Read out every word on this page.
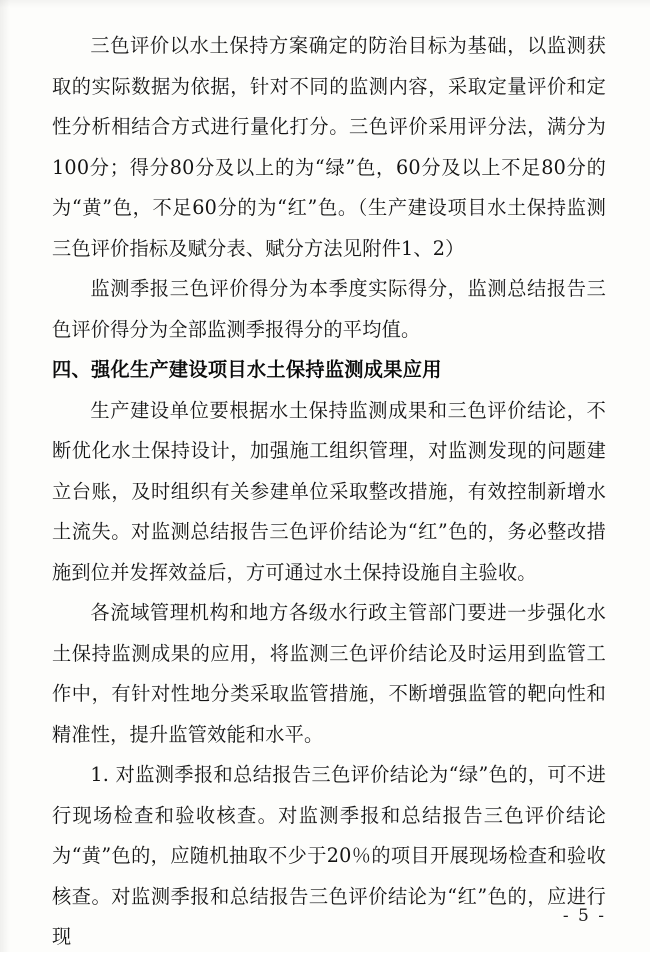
三色评价以水土保持方案确定的防治目标为基础，以监测获取的实际数据为依据，针对不同的监测内容，采取定量评价和定性分析相结合方式进行量化打分。三色评价采用评分法，满分为100分；得分80分及以上的为“绿”色，60分及以上不足80分的为“黄”色，不足60分的为“红”色。（生产建设项目水土保持监测三色评价指标及赋分表、赋分方法见附件1、2）

监测季报三色评价得分为本季度实际得分，监测总结报告三色评价得分为全部监测季报得分的平均值。

四、强化生产建设项目水土保持监测成果应用

生产建设单位要根据水土保持监测成果和三色评价结论，不断优化水土保持设计，加强施工组织管理，对监测发现的问题建立台账，及时组织有关参建单位采取整改措施，有效控制新增水土流失。对监测总结报告三色评价结论为“红”色的，务必整改措施到位并发挥效益后，方可通过水土保持设施自主验收。

各流域管理机构和地方各级水行政主管部门要进一步强化水土保持监测成果的应用，将监测三色评价结论及时运用到监管工作中，有针对性地分类采取监管措施，不断增强监管的靶向性和精准性，提升监管效能和水平。

1. 对监测季报和总结报告三色评价结论为“绿”色的，可不进行现场检查和验收核查。对监测季报和总结报告三色评价结论为“黄”色的，应随机抽取不少于20％的项目开展现场检查和验收核查。对监测季报和总结报告三色评价结论为“红”色的，应进行现

- 5 -
